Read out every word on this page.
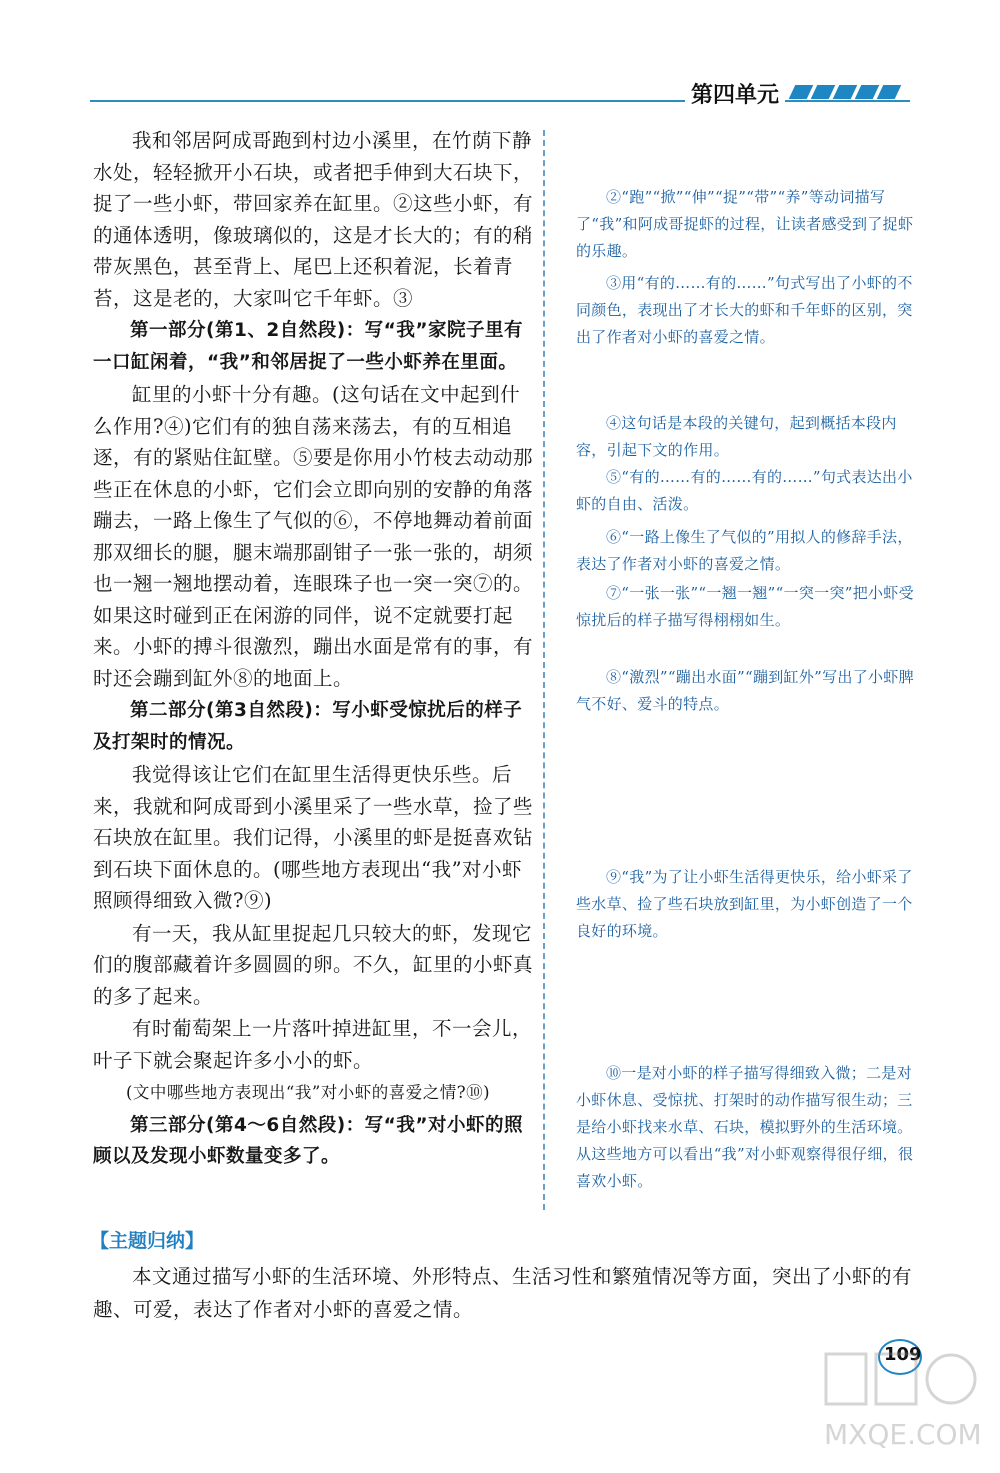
第四单元

我和邻居阿成哥跑到村边小溪里，在竹荫下静水处，轻轻掀开小石块，或者把手伸到大石块下，捉了一些小虾，带回家养在缸里。②这些小虾，有的通体透明，像玻璃似的，这是才长大的；有的稍带灰黑色，甚至背上、尾巴上还积着泥，长着青苔，这是老的，大家叫它千年虾。③

第一部分(第1、2自然段)：写“我”家院子里有一口缸闲着，“我”和邻居捉了一些小虾养在里面。

缸里的小虾十分有趣。(这句话在文中起到什么作用?④)它们有的独自荡来荡去，有的互相追逐，有的紧贴住缸壁。⑤要是你用小竹枝去动动那些正在休息的小虾，它们会立即向别的安静的角落蹦去，一路上像生了气似的⑥，不停地舞动着前面那双细长的腿，腿末端那副钳子一张一张的，胡须也一翘一翘地摆动着，连眼珠子也一突一突⑦的。如果这时碰到正在闲游的同伴，说不定就要打起来。小虾的搏斗很激烈，蹦出水面是常有的事，有时还会蹦到缸外⑧的地面上。

第二部分(第3自然段)：写小虾受惊扰后的样子及打架时的情况。

我觉得该让它们在缸里生活得更快乐些。后来，我就和阿成哥到小溪里采了一些水草，捡了些石块放在缸里。我们记得，小溪里的虾是挺喜欢钻到石块下面休息的。(哪些地方表现出“我”对小虾照顾得细致入微?⑨)

有一天，我从缸里捉起几只较大的虾，发现它们的腹部藏着许多圆圆的卵。不久，缸里的小虾真的多了起来。

有时葡萄架上一片落叶掉进缸里，不一会儿，叶子下就会聚起许多小小的虾。

(文中哪些地方表现出“我”对小虾的喜爱之情?⑩)

第三部分(第4～6自然段)：写“我”对小虾的照顾以及发现小虾数量变多了。

②“跑”“掀”“伸”“捉”“带”“养”等动词描写了“我”和阿成哥捉虾的过程，让读者感受到了捉虾的乐趣。

③用“有的……有的……”句式写出了小虾的不同颜色，表现出了才长大的虾和千年虾的区别，突出了作者对小虾的喜爱之情。

④这句话是本段的关键句，起到概括本段内容，引起下文的作用。

⑤“有的……有的……有的……”句式表达出小虾的自由、活泼。

⑥“一路上像生了气似的”用拟人的修辞手法，表达了作者对小虾的喜爱之情。

⑦“一张一张”“一翘一翘”“一突一突”把小虾受惊扰后的样子描写得栩栩如生。

⑧“激烈”“蹦出水面”“蹦到缸外”写出了小虾脾气不好、爱斗的特点。

⑨“我”为了让小虾生活得更快乐，给小虾采了些水草、捡了些石块放到缸里，为小虾创造了一个良好的环境。

⑩一是对小虾的样子描写得细致入微；二是对小虾休息、受惊扰、打架时的动作描写很生动；三是给小虾找来水草、石块，模拟野外的生活环境。从这些地方可以看出“我”对小虾观察得很仔细，很喜欢小虾。

【主题归纳】

本文通过描写小虾的生活环境、外形特点、生活习性和繁殖情况等方面，突出了小虾的有趣、可爱，表达了作者对小虾的喜爱之情。

109
MXQE.COM
